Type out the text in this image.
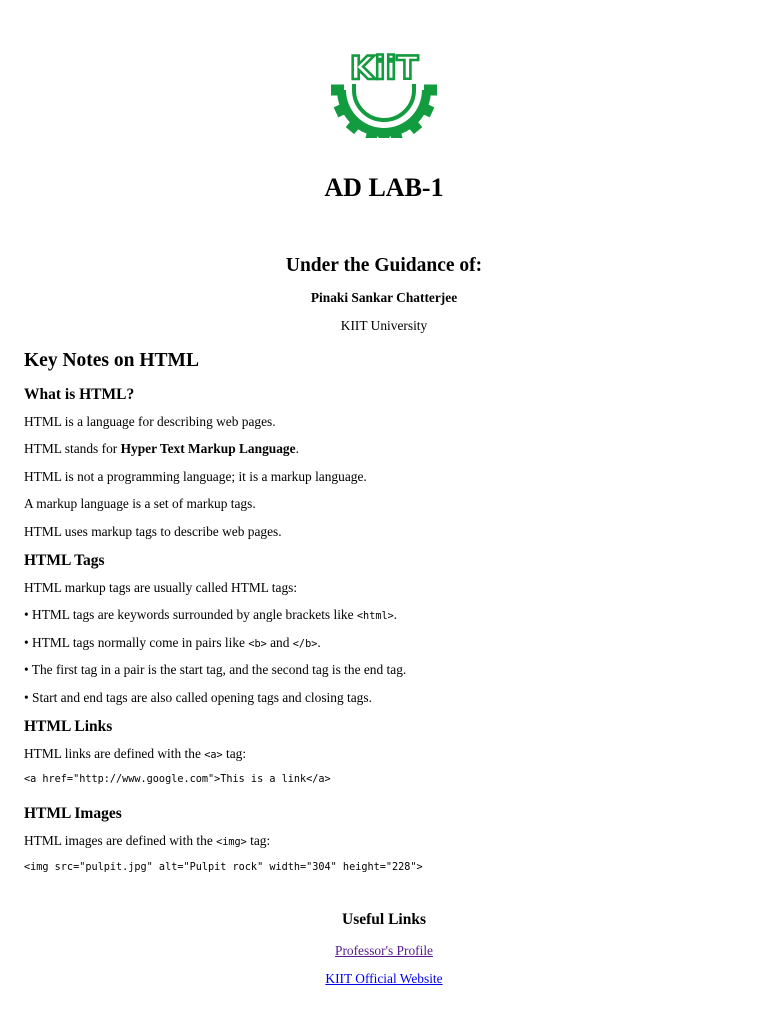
KiiT
AD LAB-1
Under the Guidance of:

Pinaki Sankar Chatterjee

KIIT University

Key Notes on HTML
What is HTML?

HTML is a language for describing web pages.

HTML stands for Hyper Text Markup Language.

HTML is not a programming language; it is a markup language.

A markup language is a set of markup tags.

HTML uses markup tags to describe web pages.

HTML Tags

HTML markup tags are usually called HTML tags:

• HTML tags are keywords surrounded by angle brackets like <html>.

• HTML tags normally come in pairs like <b> and </b>.

• The first tag in a pair is the start tag, and the second tag is the end tag.

• Start and end tags are also called opening tags and closing tags.

HTML Links

HTML links are defined with the <a> tag:

<a href="http://www.google.com">This is a link</a>

HTML Images

HTML images are defined with the <img> tag:

<img src="pulpit.jpg" alt="Pulpit rock" width="304" height="228">

Useful Links

Professor's Profile

KIIT Official Website
